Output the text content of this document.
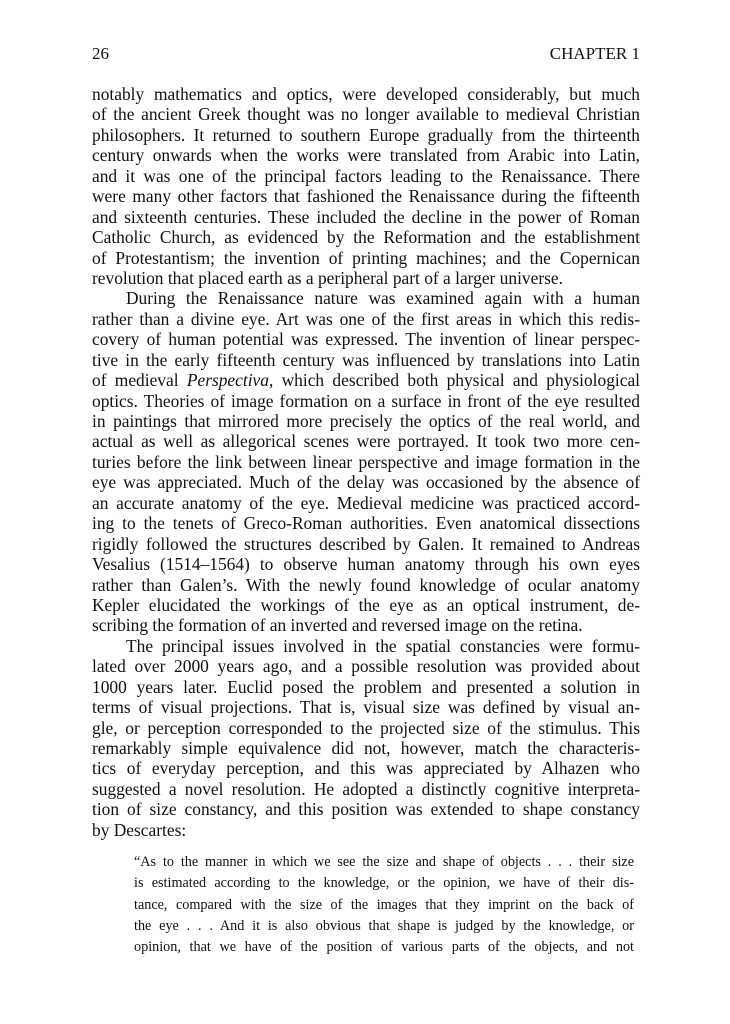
26	CHAPTER 1
notably mathematics and optics, were developed considerably, but much
of the ancient Greek thought was no longer available to medieval Christian
philosophers. It returned to southern Europe gradually from the thirteenth
century onwards when the works were translated from Arabic into Latin,
and it was one of the principal factors leading to the Renaissance. There
were many other factors that fashioned the Renaissance during the fifteenth
and sixteenth centuries. These included the decline in the power of Roman
Catholic Church, as evidenced by the Reformation and the establishment
of Protestantism; the invention of printing machines; and the Copernican
revolution that placed earth as a peripheral part of a larger universe.
During the Renaissance nature was examined again with a human
rather than a divine eye. Art was one of the first areas in which this redis-
covery of human potential was expressed. The invention of linear perspec-
tive in the early fifteenth century was influenced by translations into Latin
of medieval Perspectiva, which described both physical and physiological
optics. Theories of image formation on a surface in front of the eye resulted
in paintings that mirrored more precisely the optics of the real world, and
actual as well as allegorical scenes were portrayed. It took two more cen-
turies before the link between linear perspective and image formation in the
eye was appreciated. Much of the delay was occasioned by the absence of
an accurate anatomy of the eye. Medieval medicine was practiced accord-
ing to the tenets of Greco-Roman authorities. Even anatomical dissections
rigidly followed the structures described by Galen. It remained to Andreas
Vesalius (1514–1564) to observe human anatomy through his own eyes
rather than Galen’s. With the newly found knowledge of ocular anatomy
Kepler elucidated the workings of the eye as an optical instrument, de-
scribing the formation of an inverted and reversed image on the retina.
The principal issues involved in the spatial constancies were formu-
lated over 2000 years ago, and a possible resolution was provided about
1000 years later. Euclid posed the problem and presented a solution in
terms of visual projections. That is, visual size was defined by visual an-
gle, or perception corresponded to the projected size of the stimulus. This
remarkably simple equivalence did not, however, match the characteris-
tics of everyday perception, and this was appreciated by Alhazen who
suggested a novel resolution. He adopted a distinctly cognitive interpreta-
tion of size constancy, and this position was extended to shape constancy
by Descartes:
“As to the manner in which we see the size and shape of objects . . . their size
is estimated according to the knowledge, or the opinion, we have of their dis-
tance, compared with the size of the images that they imprint on the back of
the eye . . . And it is also obvious that shape is judged by the knowledge, or
opinion, that we have of the position of various parts of the objects, and not
